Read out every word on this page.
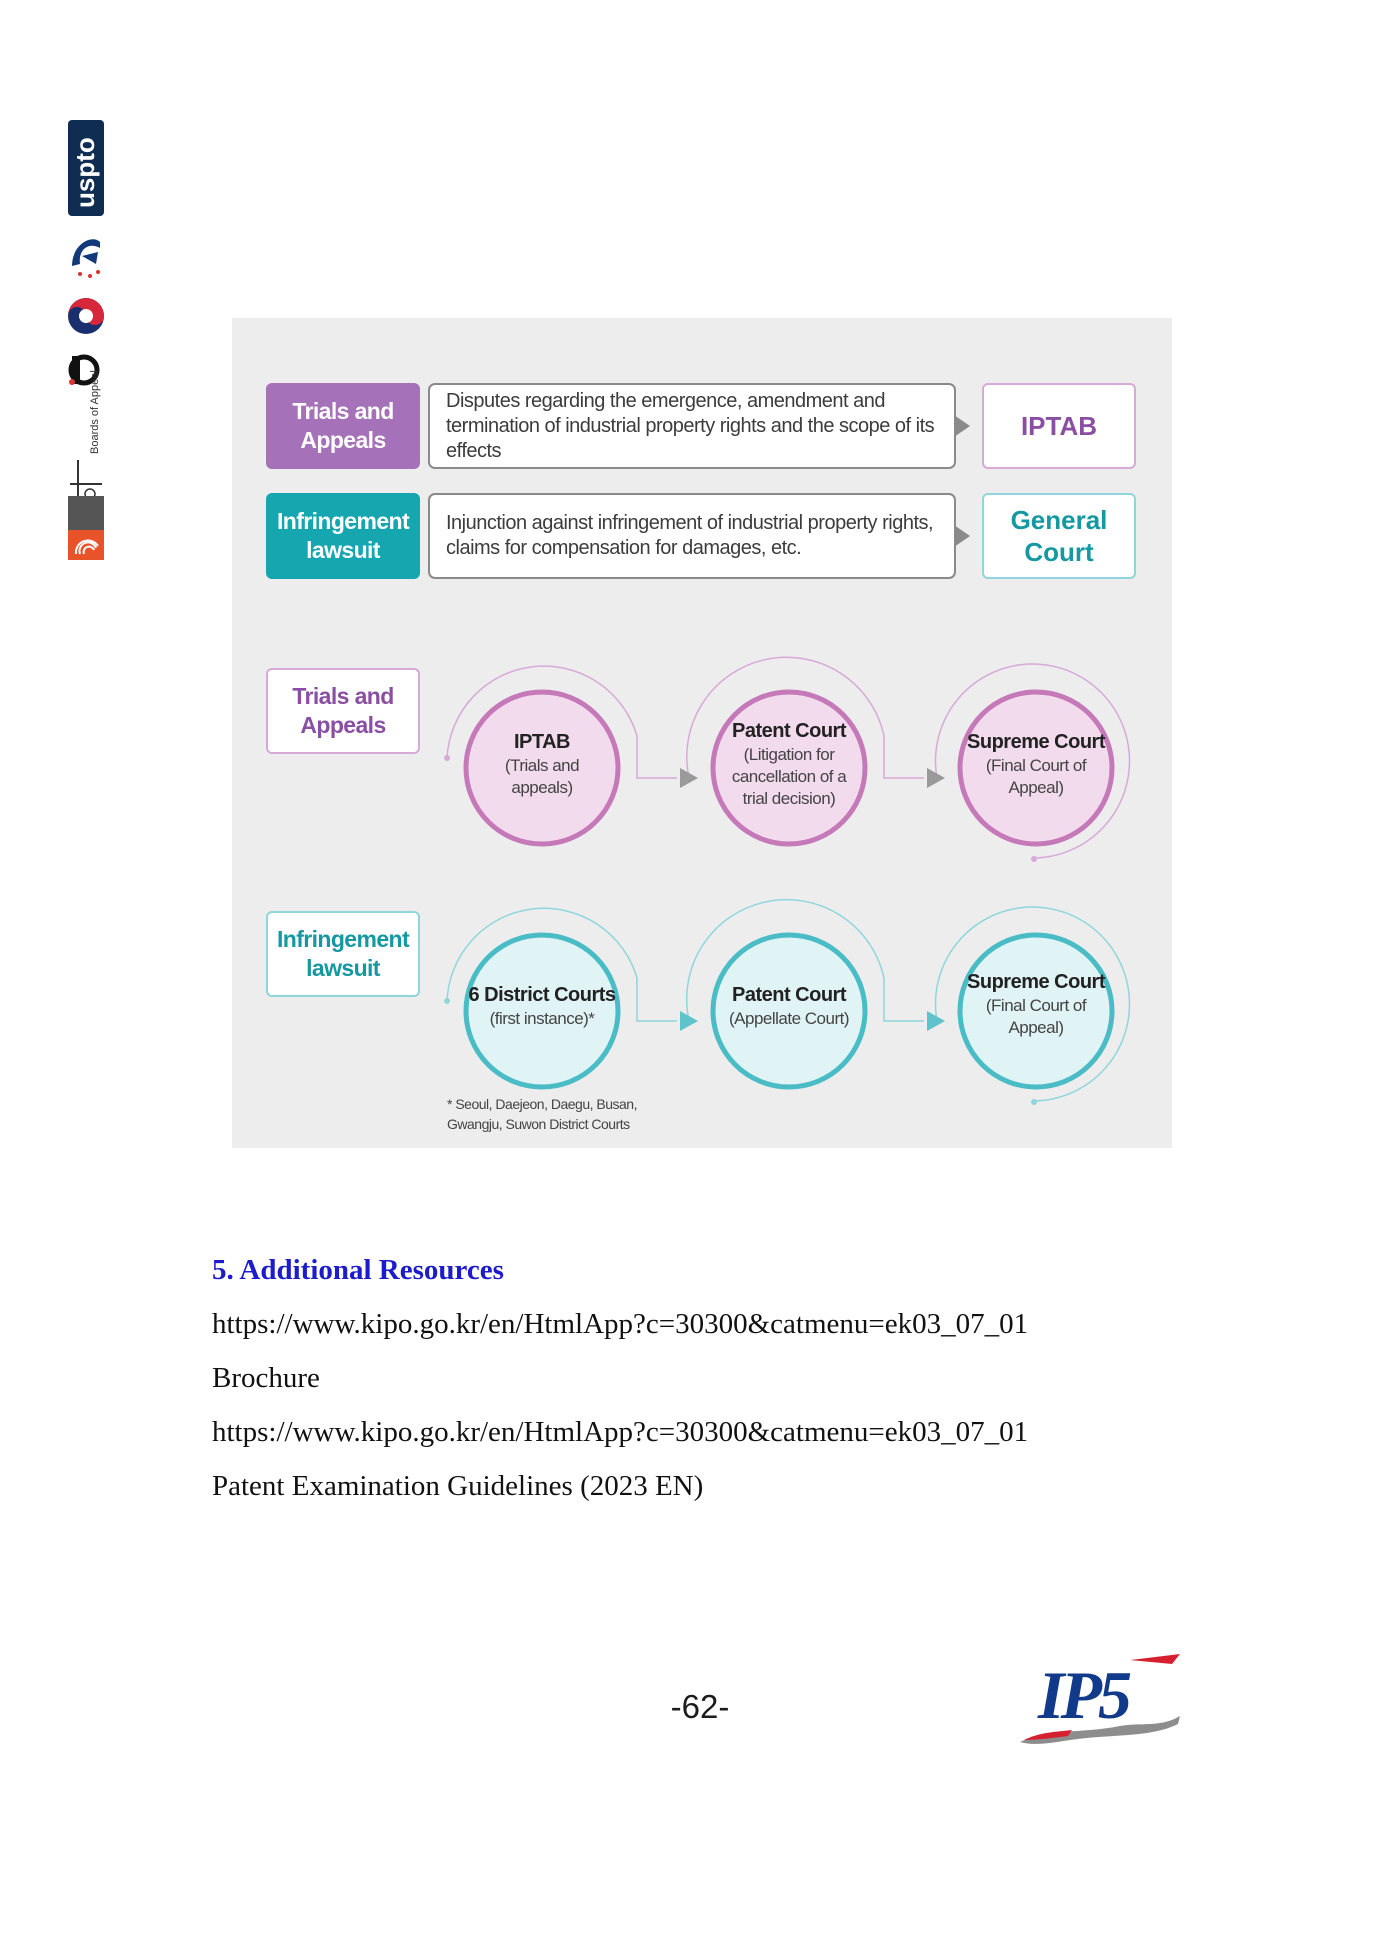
uspto
Boards of Appeal	Trials and Appeals
Disputes regarding the emergence, amendment and termination of industrial property rights and the scope of its effects
IPTAB
Infringement lawsuit
Injunction against infringement of industrial property rights, claims for compensation for damages, etc.
General Court
Trials and Appeals
IPTAB
(Trials and appeals)
Patent Court
(Litigation for cancellation of a trial decision)
Supreme Court
(Final Court of Appeal)
Infringement lawsuit
6 District Courts
(first instance)*
Patent Court
(Appellate Court)
Supreme Court
(Final Court of Appeal)
* Seoul, Daejeon, Daegu, Busan, Gwangju, Suwon District Courts
5. Additional Resources
https://www.kipo.go.kr/en/HtmlApp?c=30300&catmenu=ek03_07_01
Brochure
https://www.kipo.go.kr/en/HtmlApp?c=30300&catmenu=ek03_07_01
Patent Examination Guidelines (2023 EN)
-62-	IP5
